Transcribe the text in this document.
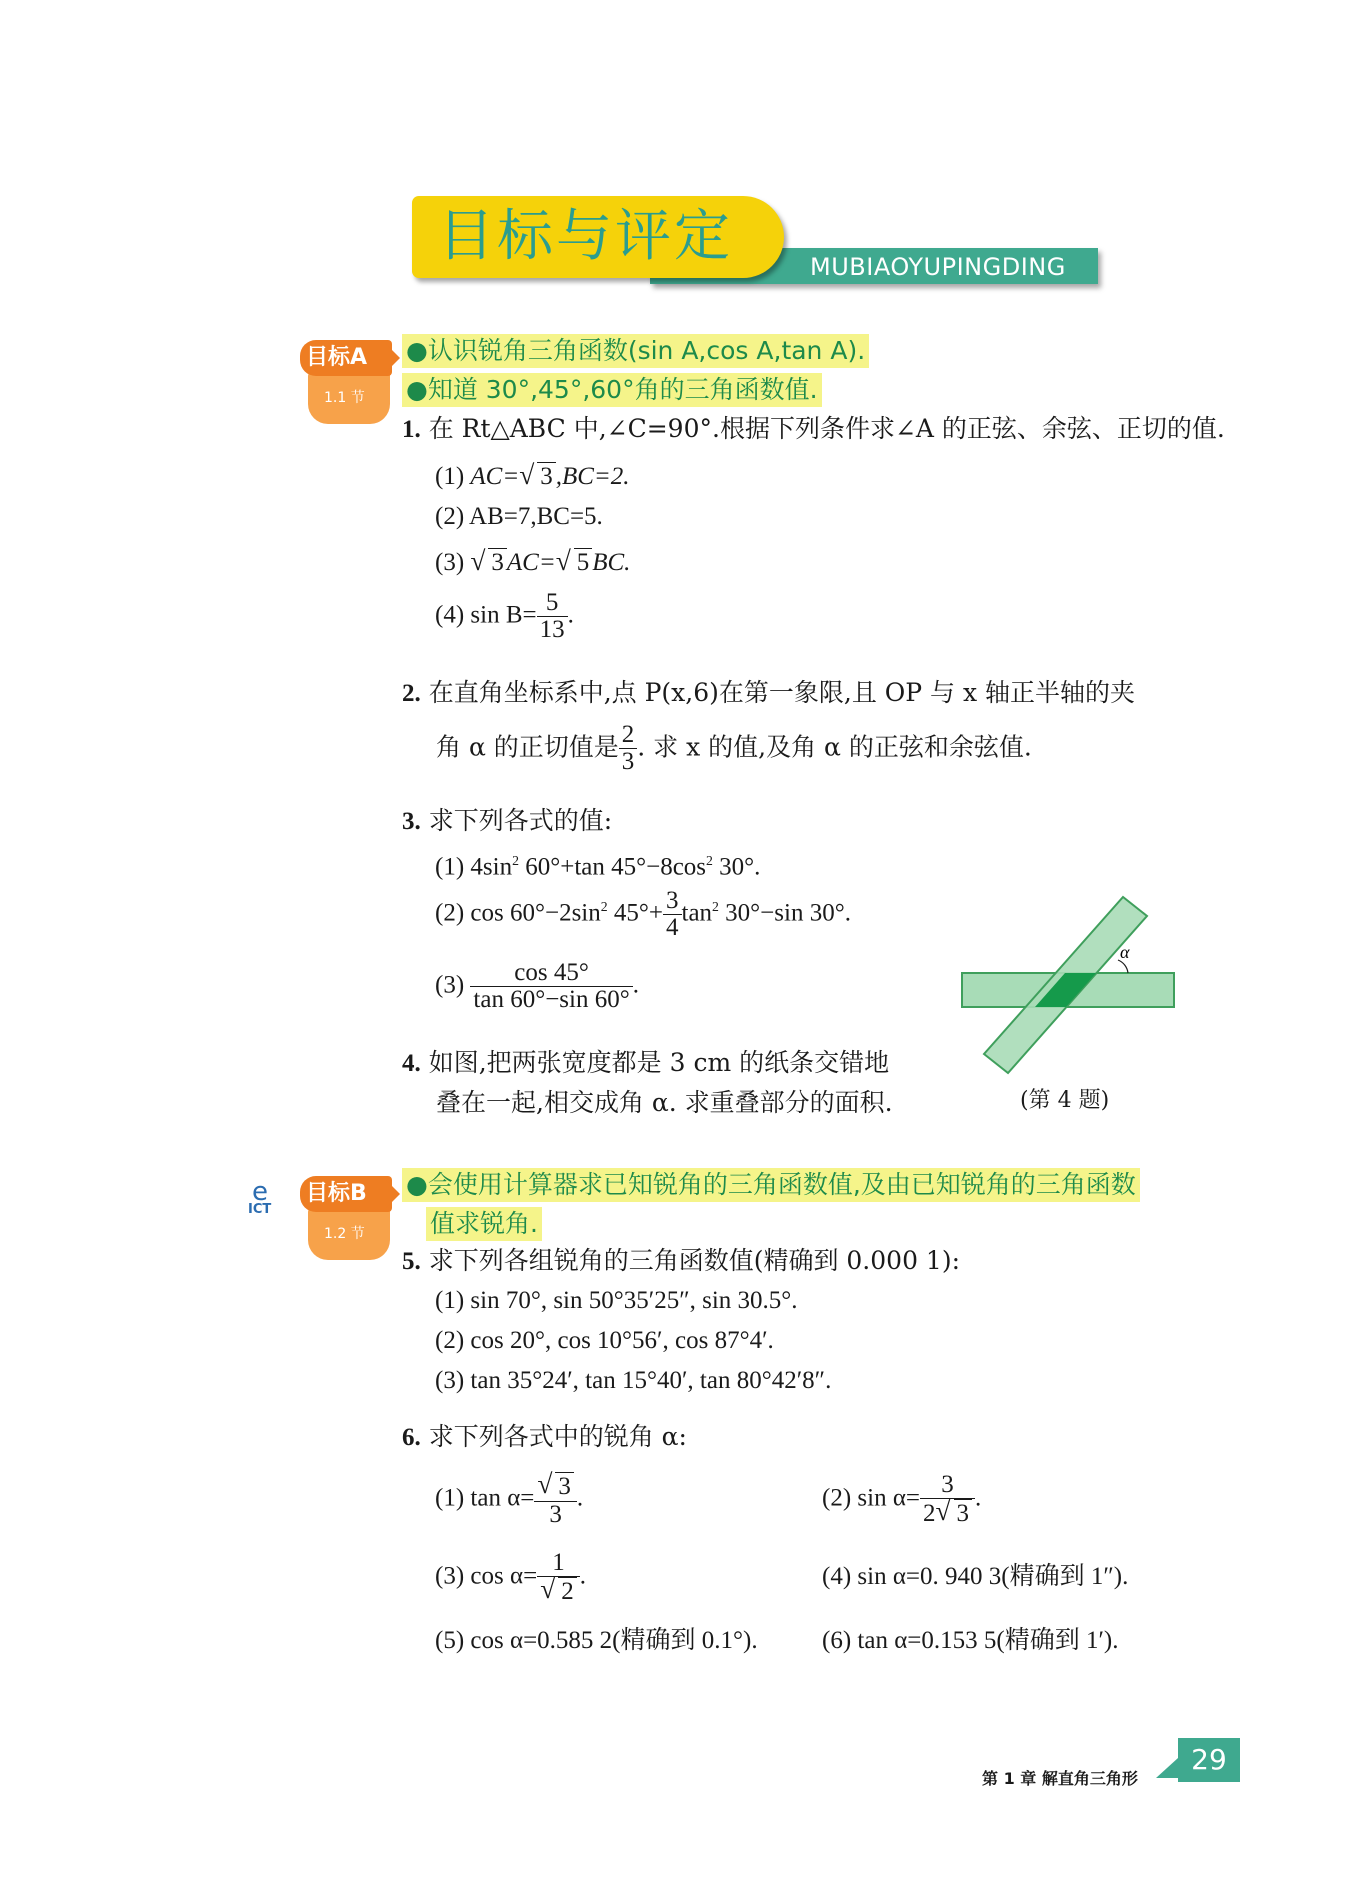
目标与评定	MUBIAOYUPINGDING
目标A
1.1 节
●认识锐角三角函数(sin A,cos A,tan A).
●知道 30°,45°,60°角的三角函数值.
1. 在 Rt△ABC 中,∠C=90°.根据下列条件求∠A 的正弦、余弦、正切的值.
(1) AC= √ 3 ,BC=2.
(2) AB=7,BC=5.
(3) √ 3 AC= √ 5 BC.
(4) $\sin B= \frac{5}{13}$ .
2. 在直角坐标系中,点 P(x,6)在第一象限,且 OP 与 x 轴正半轴的夹
角 α 的正切值是 $\frac{2}{3}$ . 求 x 的值,及角 α 的正弦和余弦值.
3. 求下列各式的值:
(1) $4\sin^2$ 60°+tan $45^\circ-8\cos^2$ 30°.
(2) $\cos 60^\circ-2\sin^2$ $45^\circ+ \frac{3}{4} \tan^2 30^\circ-\sin$ 30°.
$(3) \frac{\cos 45^\circ}{\tan 60^\circ-\sin 60^\circ}$ .
4. 如图,把两张宽度都是 3 cm 的纸条交错地
叠在一起,相交成角 α. 求重叠部分的面积.
α
(第 4 题)
e
ICT
目标B
1.2 节
●会使用计算器求已知锐角的三角函数值,及由已知锐角的三角函数
值求锐角.
5. 求下列各组锐角的三角函数值(精确到 0.000 1):
(1) sin 70°, sin 50°35′25″, sin 30.5°.
(2) cos 20°, cos 10°56′, cos 87°4′.
(3) tan 35°24′, tan 15°40′, tan 80°42′8″.
6. 求下列各式中的锐角 α:
(1) $\tan \alpha= \frac{√ 3}{3}$ .	(2) $\sin \alpha= \frac{3}{2 √ 3}$ .
(3) $\cos \alpha= \frac{1}{√ 2}$ .	(4) sin α=0. 940 3(精确到 1″).
(5) cos α=0.585 2(精确到 0.1°).	(6) tan α=0.153 5(精确到 1′).
第 1 章 解直角三角形
29
